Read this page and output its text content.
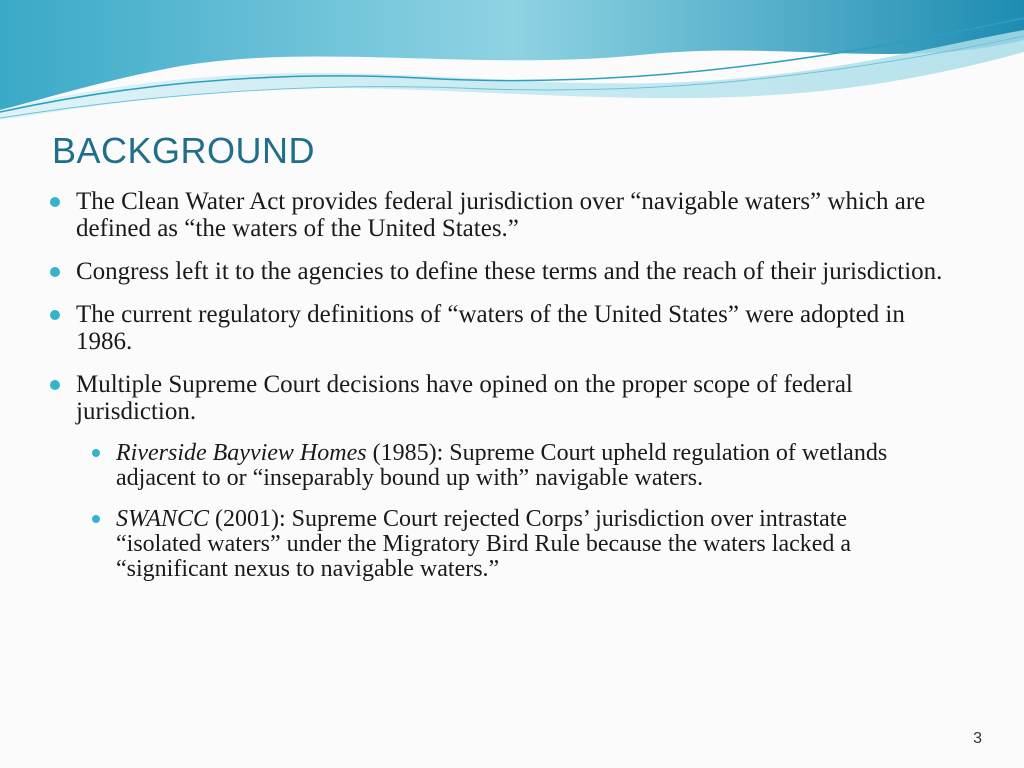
BACKGROUND
The Clean Water Act provides federal jurisdiction over “navigable waters” which are defined as “the waters of the United States.”
Congress left it to the agencies to define these terms and the reach of their jurisdiction.
The current regulatory definitions of “waters of the United States” were adopted in 1986.
Multiple Supreme Court decisions have opined on the proper scope of federal jurisdiction.
Riverside Bayview Homes (1985): Supreme Court upheld regulation of wetlands adjacent to or “inseparably bound up with” navigable waters.
SWANCC (2001): Supreme Court rejected Corps’ jurisdiction over intrastate “isolated waters” under the Migratory Bird Rule because the waters lacked a “significant nexus to navigable waters.”
3
